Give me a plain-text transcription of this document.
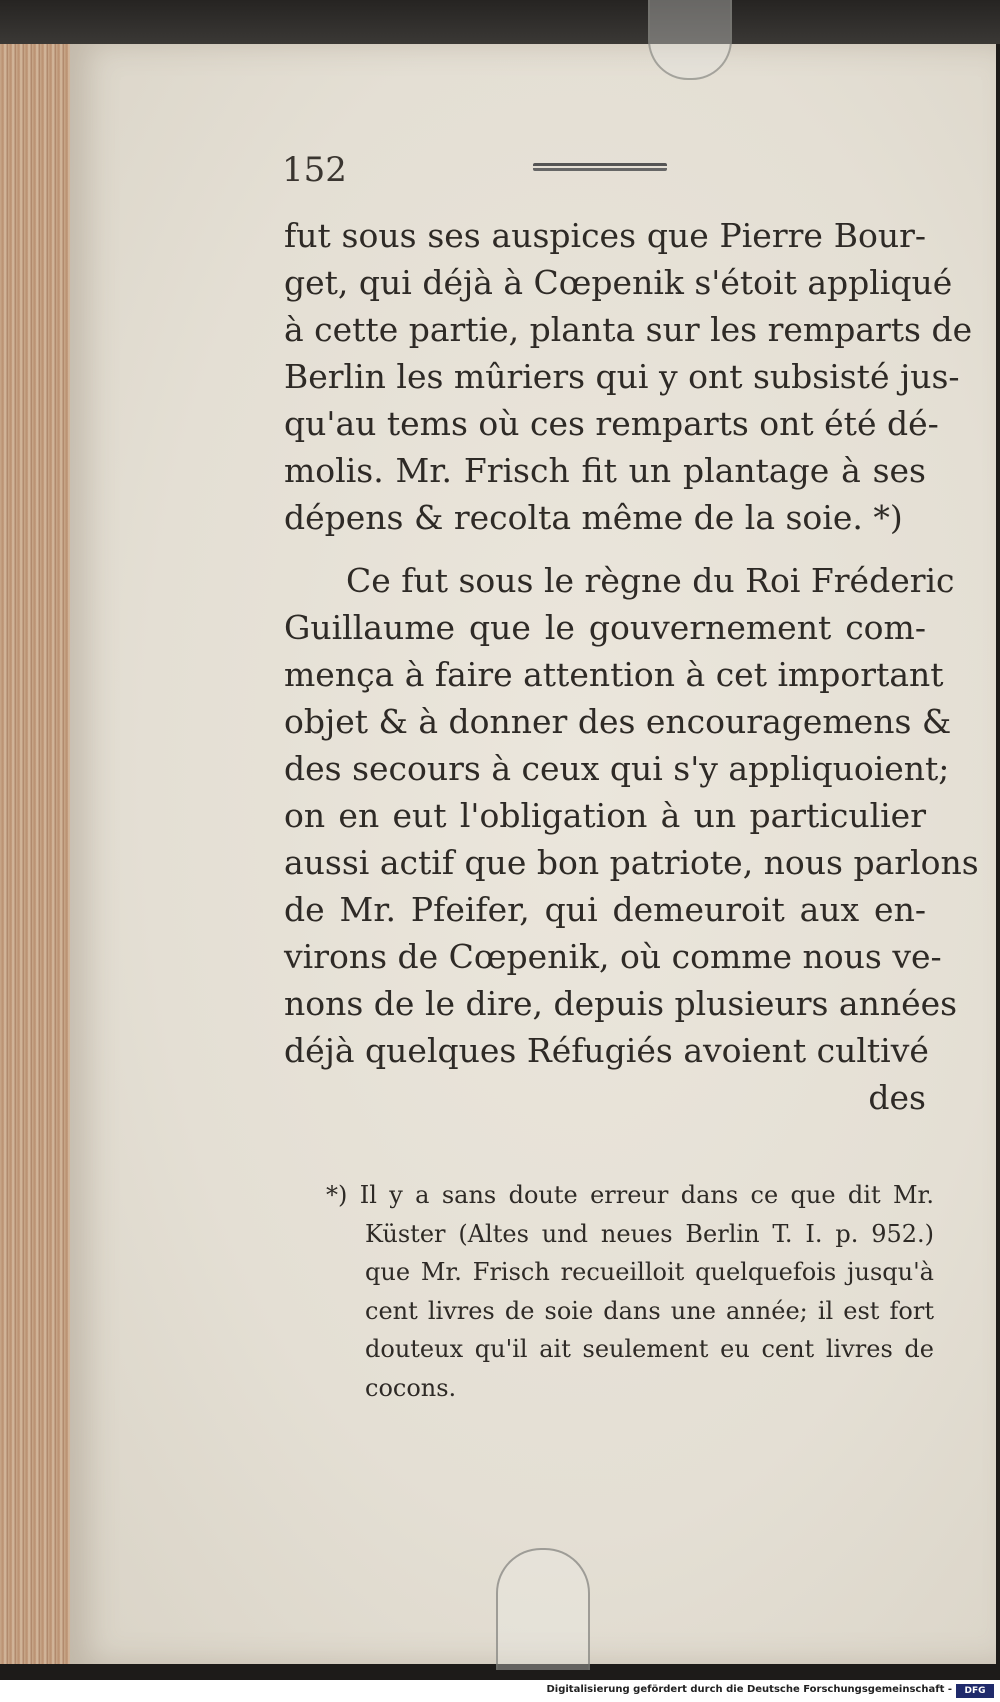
152
fut sous ses auspices que Pierre Bour-
get, qui déjà à Cœpenik s'étoit appliqué
à cette partie, planta sur les remparts de
Berlin les mûriers qui y ont subsisté jus-
qu'au tems où ces remparts ont été dé-
molis. Mr. Frisch fit un plantage à ses
dépens & recolta même de la soie. *)
Ce fut sous le règne du Roi Fréderic
Guillaume que le gouvernement com-
mença à faire attention à cet important
objet & à donner des encouragemens &
des secours à ceux qui s'y appliquoient;
on en eut l'obligation à un particulier
aussi actif que bon patriote, nous parlons
de Mr. Pfeifer, qui demeuroit aux en-
virons de Cœpenik, où comme nous ve-
nons de le dire, depuis plusieurs années
déjà quelques Réfugiés avoient cultivé
des
*) Il y a sans doute erreur dans ce que dit Mr.
Küster (Altes und neues Berlin T. I. p. 952.)
que Mr. Frisch recueilloit quelquefois jusqu'à
cent livres de soie dans une année; il est fort
douteux qu'il ait seulement eu cent livres de
cocons.
Digitalisierung gefördert durch die Deutsche Forschungsgemeinschaft -	DFG
